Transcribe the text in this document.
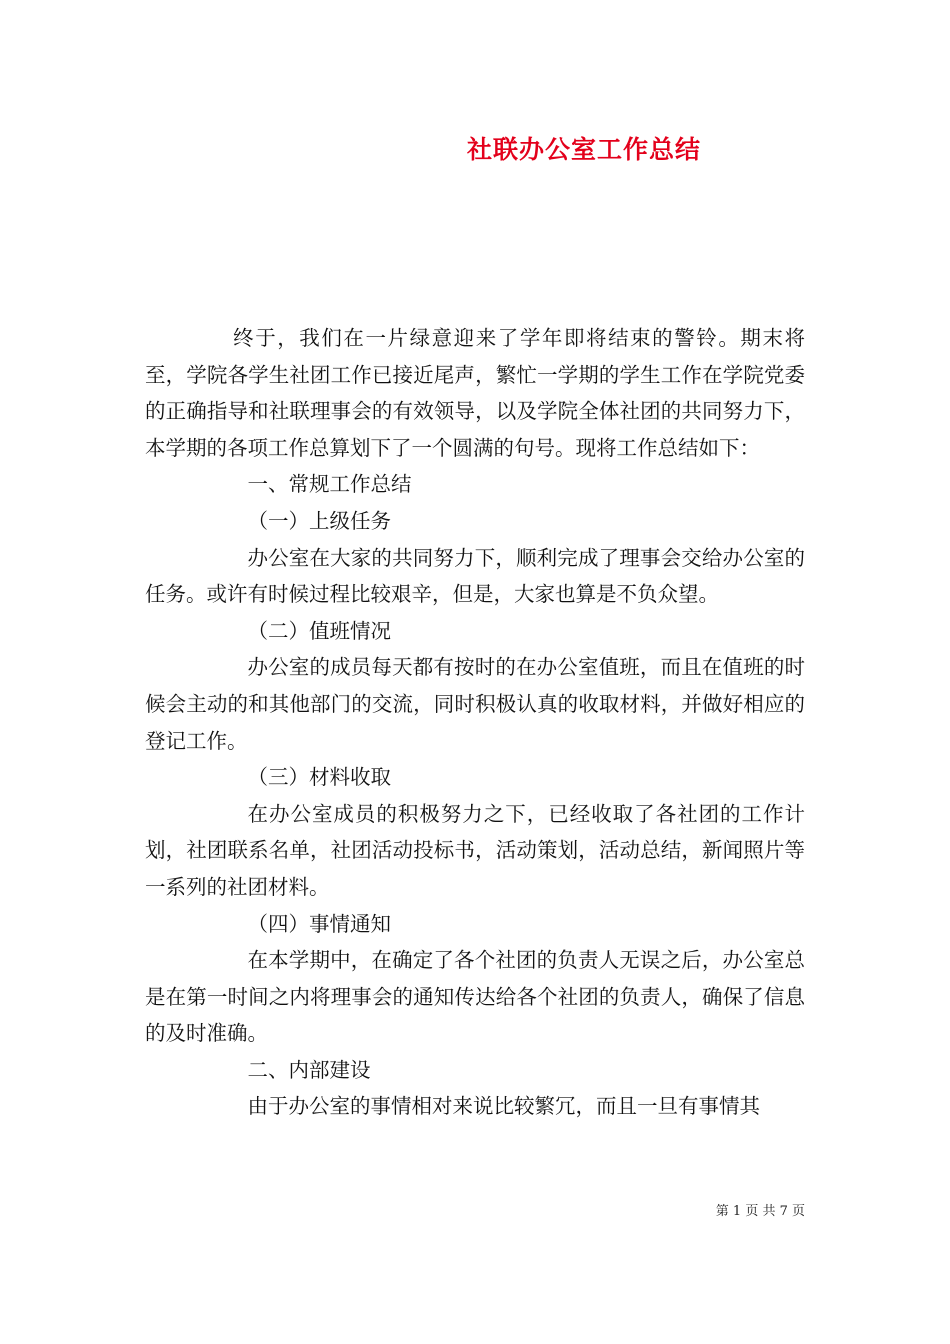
社联办公室工作总结

终于，我们在一片绿意迎来了学年即将结束的警铃。期末将至，学院各学生社团工作已接近尾声，繁忙一学期的学生工作在学院党委的正确指导和社联理事会的有效领导，以及学院全体社团的共同努力下，本学期的各项工作总算划下了一个圆满的句号。现将工作总结如下：

一、常规工作总结

（一）上级任务

办公室在大家的共同努力下，顺利完成了理事会交给办公室的任务。或许有时候过程比较艰辛，但是，大家也算是不负众望。

（二）值班情况

办公室的成员每天都有按时的在办公室值班，而且在值班的时候会主动的和其他部门的交流，同时积极认真的收取材料，并做好相应的登记工作。

（三）材料收取

在办公室成员的积极努力之下，已经收取了各社团的工作计划，社团联系名单，社团活动投标书，活动策划，活动总结，新闻照片等一系列的社团材料。

（四）事情通知

在本学期中，在确定了各个社团的负责人无误之后，办公室总是在第一时间之内将理事会的通知传达给各个社团的负责人，确保了信息的及时准确。

二、内部建设

由于办公室的事情相对来说比较繁冗，而且一旦有事情其

第 1 页 共 7 页
